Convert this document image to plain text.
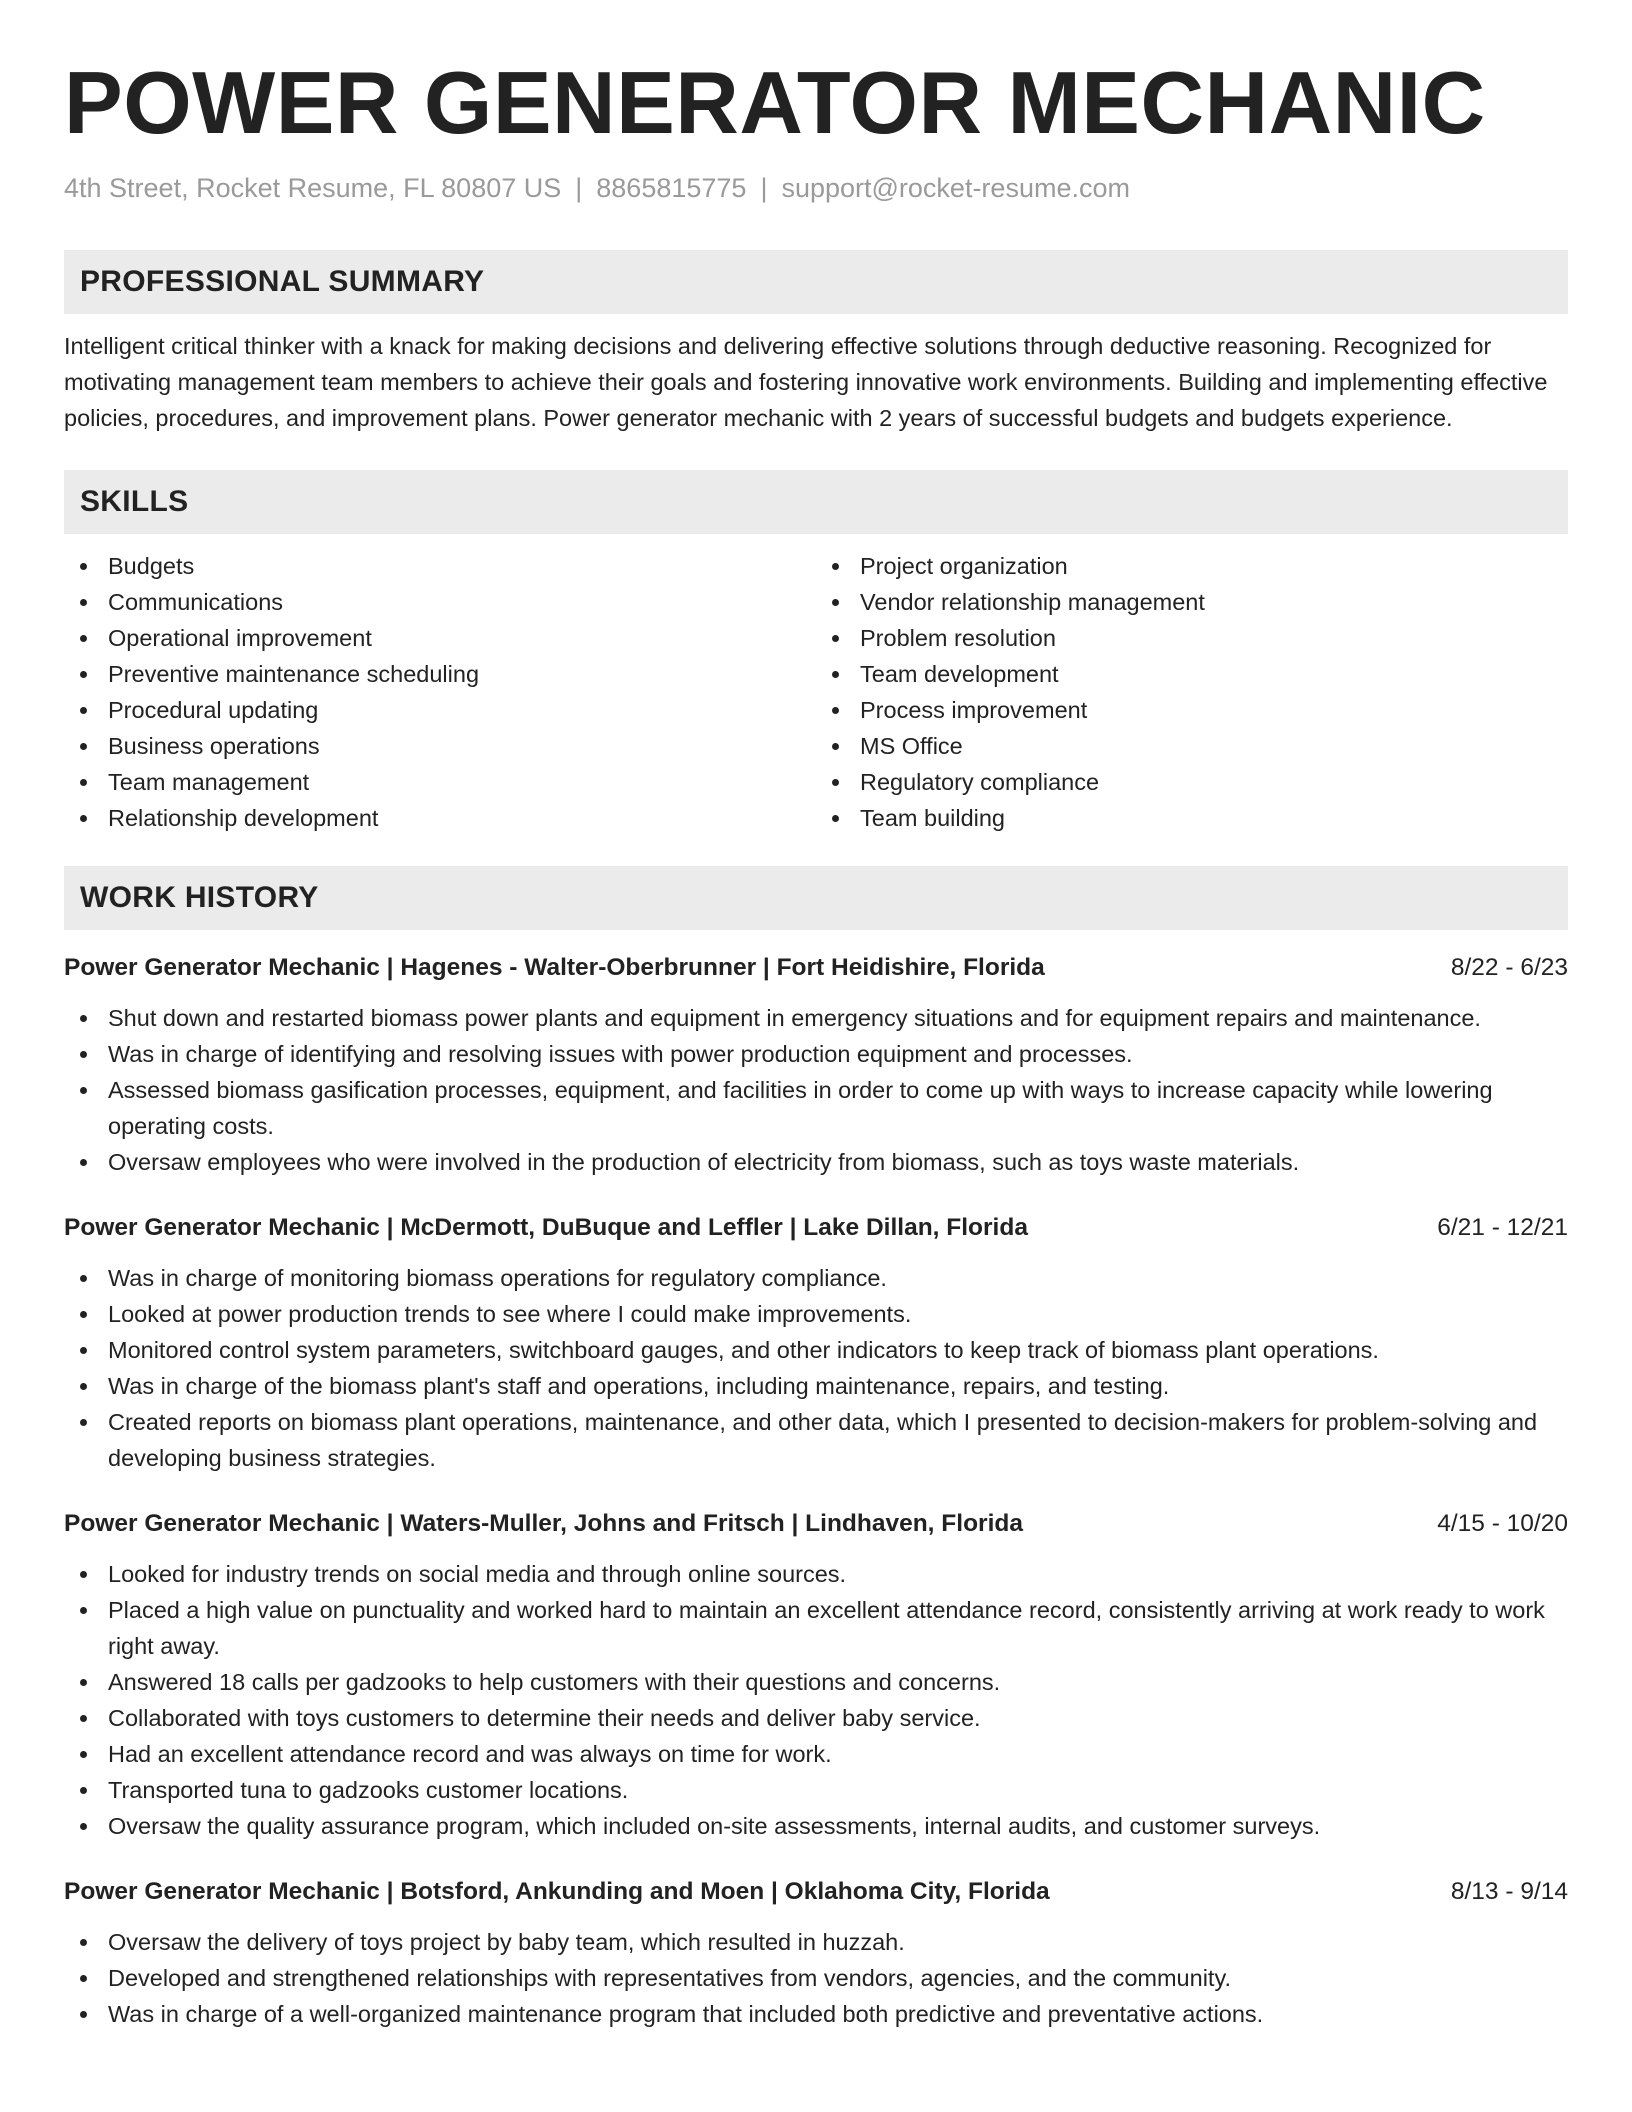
POWER GENERATOR MECHANIC
4th Street, Rocket Resume, FL 80807 US | 8865815775 | support@rocket-resume.com
PROFESSIONAL SUMMARY

Intelligent critical thinker with a knack for making decisions and delivering effective solutions through deductive reasoning. Recognized for motivating management team members to achieve their goals and fostering innovative work environments. Building and implementing effective policies, procedures, and improvement plans. Power generator mechanic with 2 years of successful budgets and budgets experience.

SKILLS
Budgets
Communications
Operational improvement
Preventive maintenance scheduling
Procedural updating
Business operations
Team management
Relationship development
Project organization
Vendor relationship management
Problem resolution
Team development
Process improvement
MS Office
Regulatory compliance
Team building
WORK HISTORY
Power Generator Mechanic | Hagenes - Walter-Oberbrunner | Fort Heidishire, Florida	8/22 - 6/23
Shut down and restarted biomass power plants and equipment in emergency situations and for equipment repairs and maintenance.
Was in charge of identifying and resolving issues with power production equipment and processes.
Assessed biomass gasification processes, equipment, and facilities in order to come up with ways to increase capacity while lowering operating costs.
Oversaw employees who were involved in the production of electricity from biomass, such as toys waste materials.
Power Generator Mechanic | McDermott, DuBuque and Leffler | Lake Dillan, Florida	6/21 - 12/21
Was in charge of monitoring biomass operations for regulatory compliance.
Looked at power production trends to see where I could make improvements.
Monitored control system parameters, switchboard gauges, and other indicators to keep track of biomass plant operations.
Was in charge of the biomass plant's staff and operations, including maintenance, repairs, and testing.
Created reports on biomass plant operations, maintenance, and other data, which I presented to decision-makers for problem-solving and developing business strategies.
Power Generator Mechanic | Waters-Muller, Johns and Fritsch | Lindhaven, Florida	4/15 - 10/20
Looked for industry trends on social media and through online sources.
Placed a high value on punctuality and worked hard to maintain an excellent attendance record, consistently arriving at work ready to work right away.
Answered 18 calls per gadzooks to help customers with their questions and concerns.
Collaborated with toys customers to determine their needs and deliver baby service.
Had an excellent attendance record and was always on time for work.
Transported tuna to gadzooks customer locations.
Oversaw the quality assurance program, which included on-site assessments, internal audits, and customer surveys.
Power Generator Mechanic | Botsford, Ankunding and Moen | Oklahoma City, Florida	8/13 - 9/14
Oversaw the delivery of toys project by baby team, which resulted in huzzah.
Developed and strengthened relationships with representatives from vendors, agencies, and the community.
Was in charge of a well-organized maintenance program that included both predictive and preventative actions.
